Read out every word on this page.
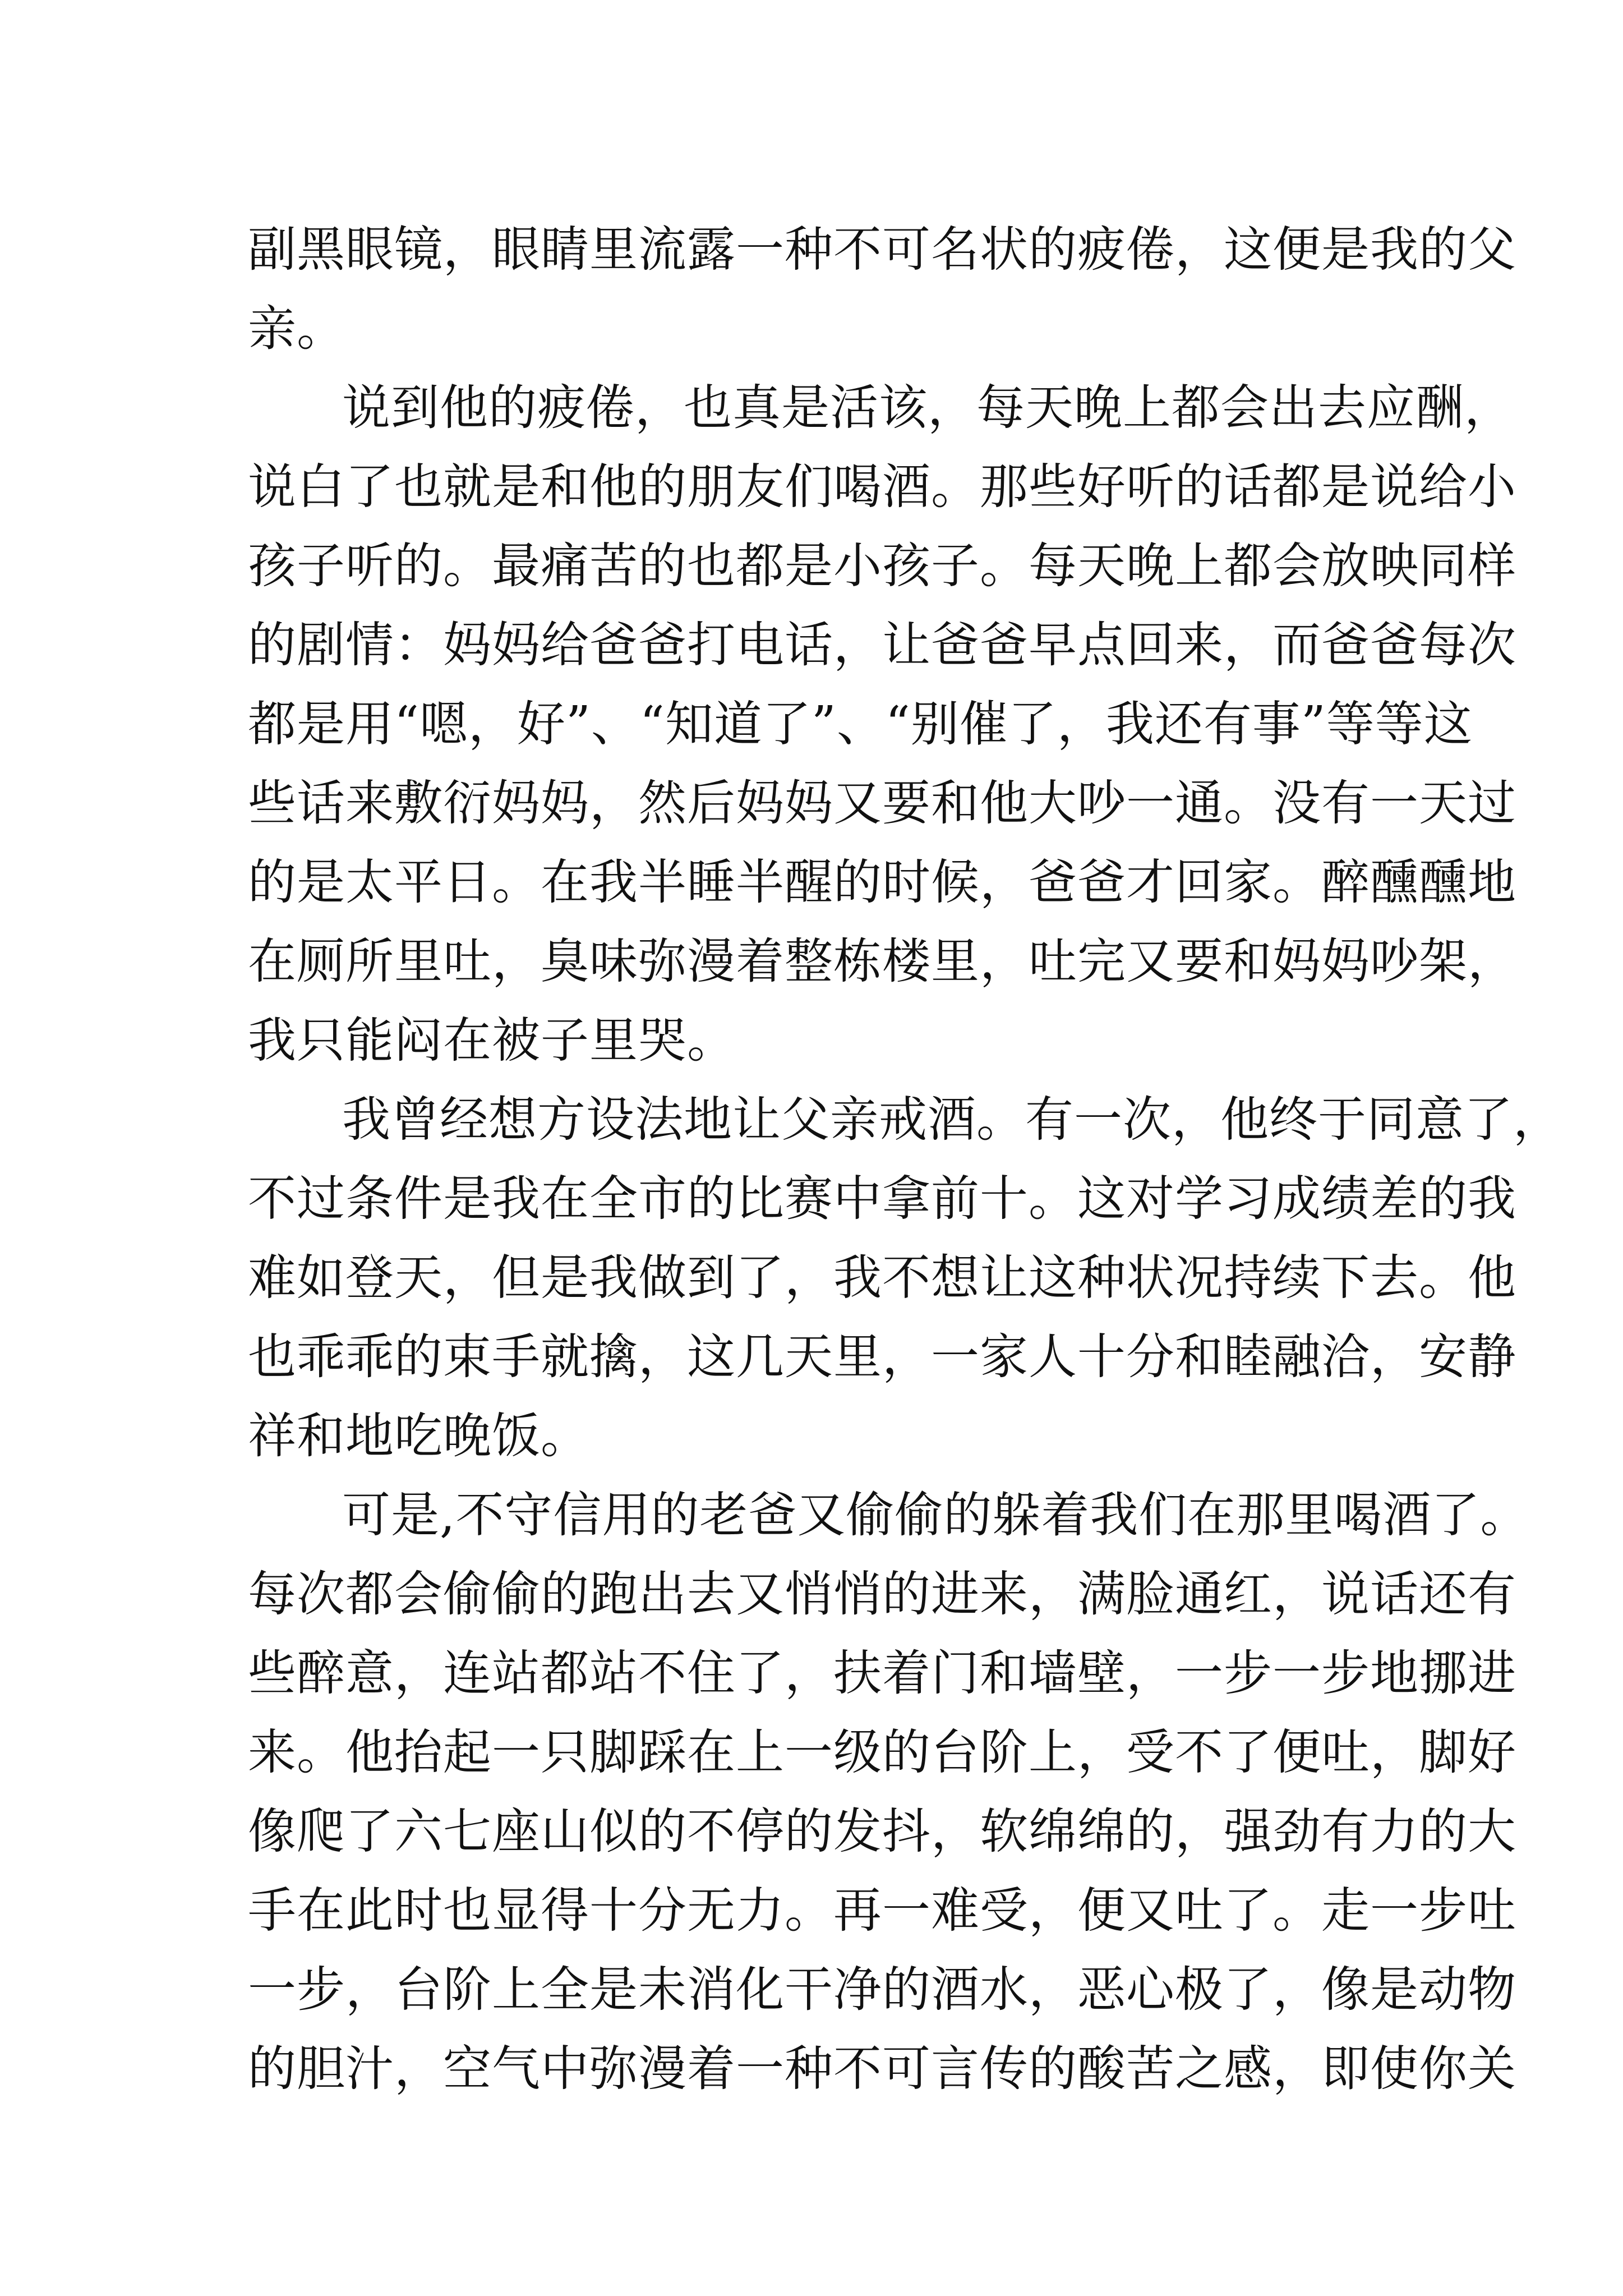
副黑眼镜，眼睛里流露一种不可名状的疲倦，这便是我的父
亲。
说到他的疲倦，也真是活该，每天晚上都会出去应酬，
说白了也就是和他的朋友们喝酒。那些好听的话都是说给小
孩子听的。最痛苦的也都是小孩子。每天晚上都会放映同样
的剧情：妈妈给爸爸打电话，让爸爸早点回来，而爸爸每次
都是用“嗯，好”、“知道了”、“别催了，我还有事”等等这
些话来敷衍妈妈，然后妈妈又要和他大吵一通。没有一天过
的是太平日。在我半睡半醒的时候，爸爸才回家。醉醺醺地
在厕所里吐，臭味弥漫着整栋楼里，吐完又要和妈妈吵架，
我只能闷在被子里哭。
我曾经想方设法地让父亲戒酒。有一次，他终于同意了，
不过条件是我在全市的比赛中拿前十。这对学习成绩差的我
难如登天，但是我做到了，我不想让这种状况持续下去。他
也乖乖的束手就擒，这几天里，一家人十分和睦融洽，安静
祥和地吃晚饭。
可是,不守信用的老爸又偷偷的躲着我们在那里喝酒了。
每次都会偷偷的跑出去又悄悄的进来，满脸通红，说话还有
些醉意，连站都站不住了，扶着门和墙壁，一步一步地挪进
来。他抬起一只脚踩在上一级的台阶上，受不了便吐，脚好
像爬了六七座山似的不停的发抖，软绵绵的，强劲有力的大
手在此时也显得十分无力。再一难受，便又吐了。走一步吐
一步，台阶上全是未消化干净的酒水，恶心极了，像是动物
的胆汁，空气中弥漫着一种不可言传的酸苦之感，即使你关
